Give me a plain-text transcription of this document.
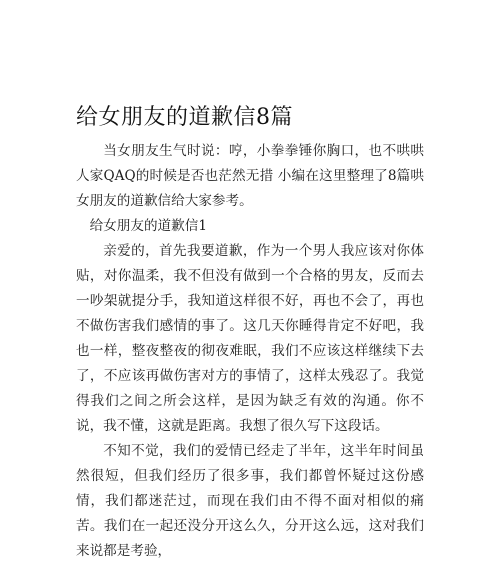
给女朋友的道歉信8篇

当女朋友生气时说：哼，小拳拳锤你胸口，也不哄哄人家QAQ的时候是否也茫然无措 小编在这里整理了8篇哄女朋友的道歉信给大家参考。

给女朋友的道歉信1

亲爱的，首先我要道歉，作为一个男人我应该对你体贴，对你温柔，我不但没有做到一个合格的男友，反而去一吵架就提分手，我知道这样很不好，再也不会了，再也不做伤害我们感情的事了。这几天你睡得肯定不好吧，我也一样，整夜整夜的彻夜难眠，我们不应该这样继续下去了，不应该再做伤害对方的事情了，这样太残忍了。我觉得我们之间之所会这样，是因为缺乏有效的沟通。你不说，我不懂，这就是距离。我想了很久写下这段话。

不知不觉，我们的爱情已经走了半年，这半年时间虽然很短，但我们经历了很多事，我们都曾怀疑过这份感情，我们都迷茫过，而现在我们由不得不面对相似的痛苦。我们在一起还没分开这么久，分开这么远，这对我们来说都是考验，
